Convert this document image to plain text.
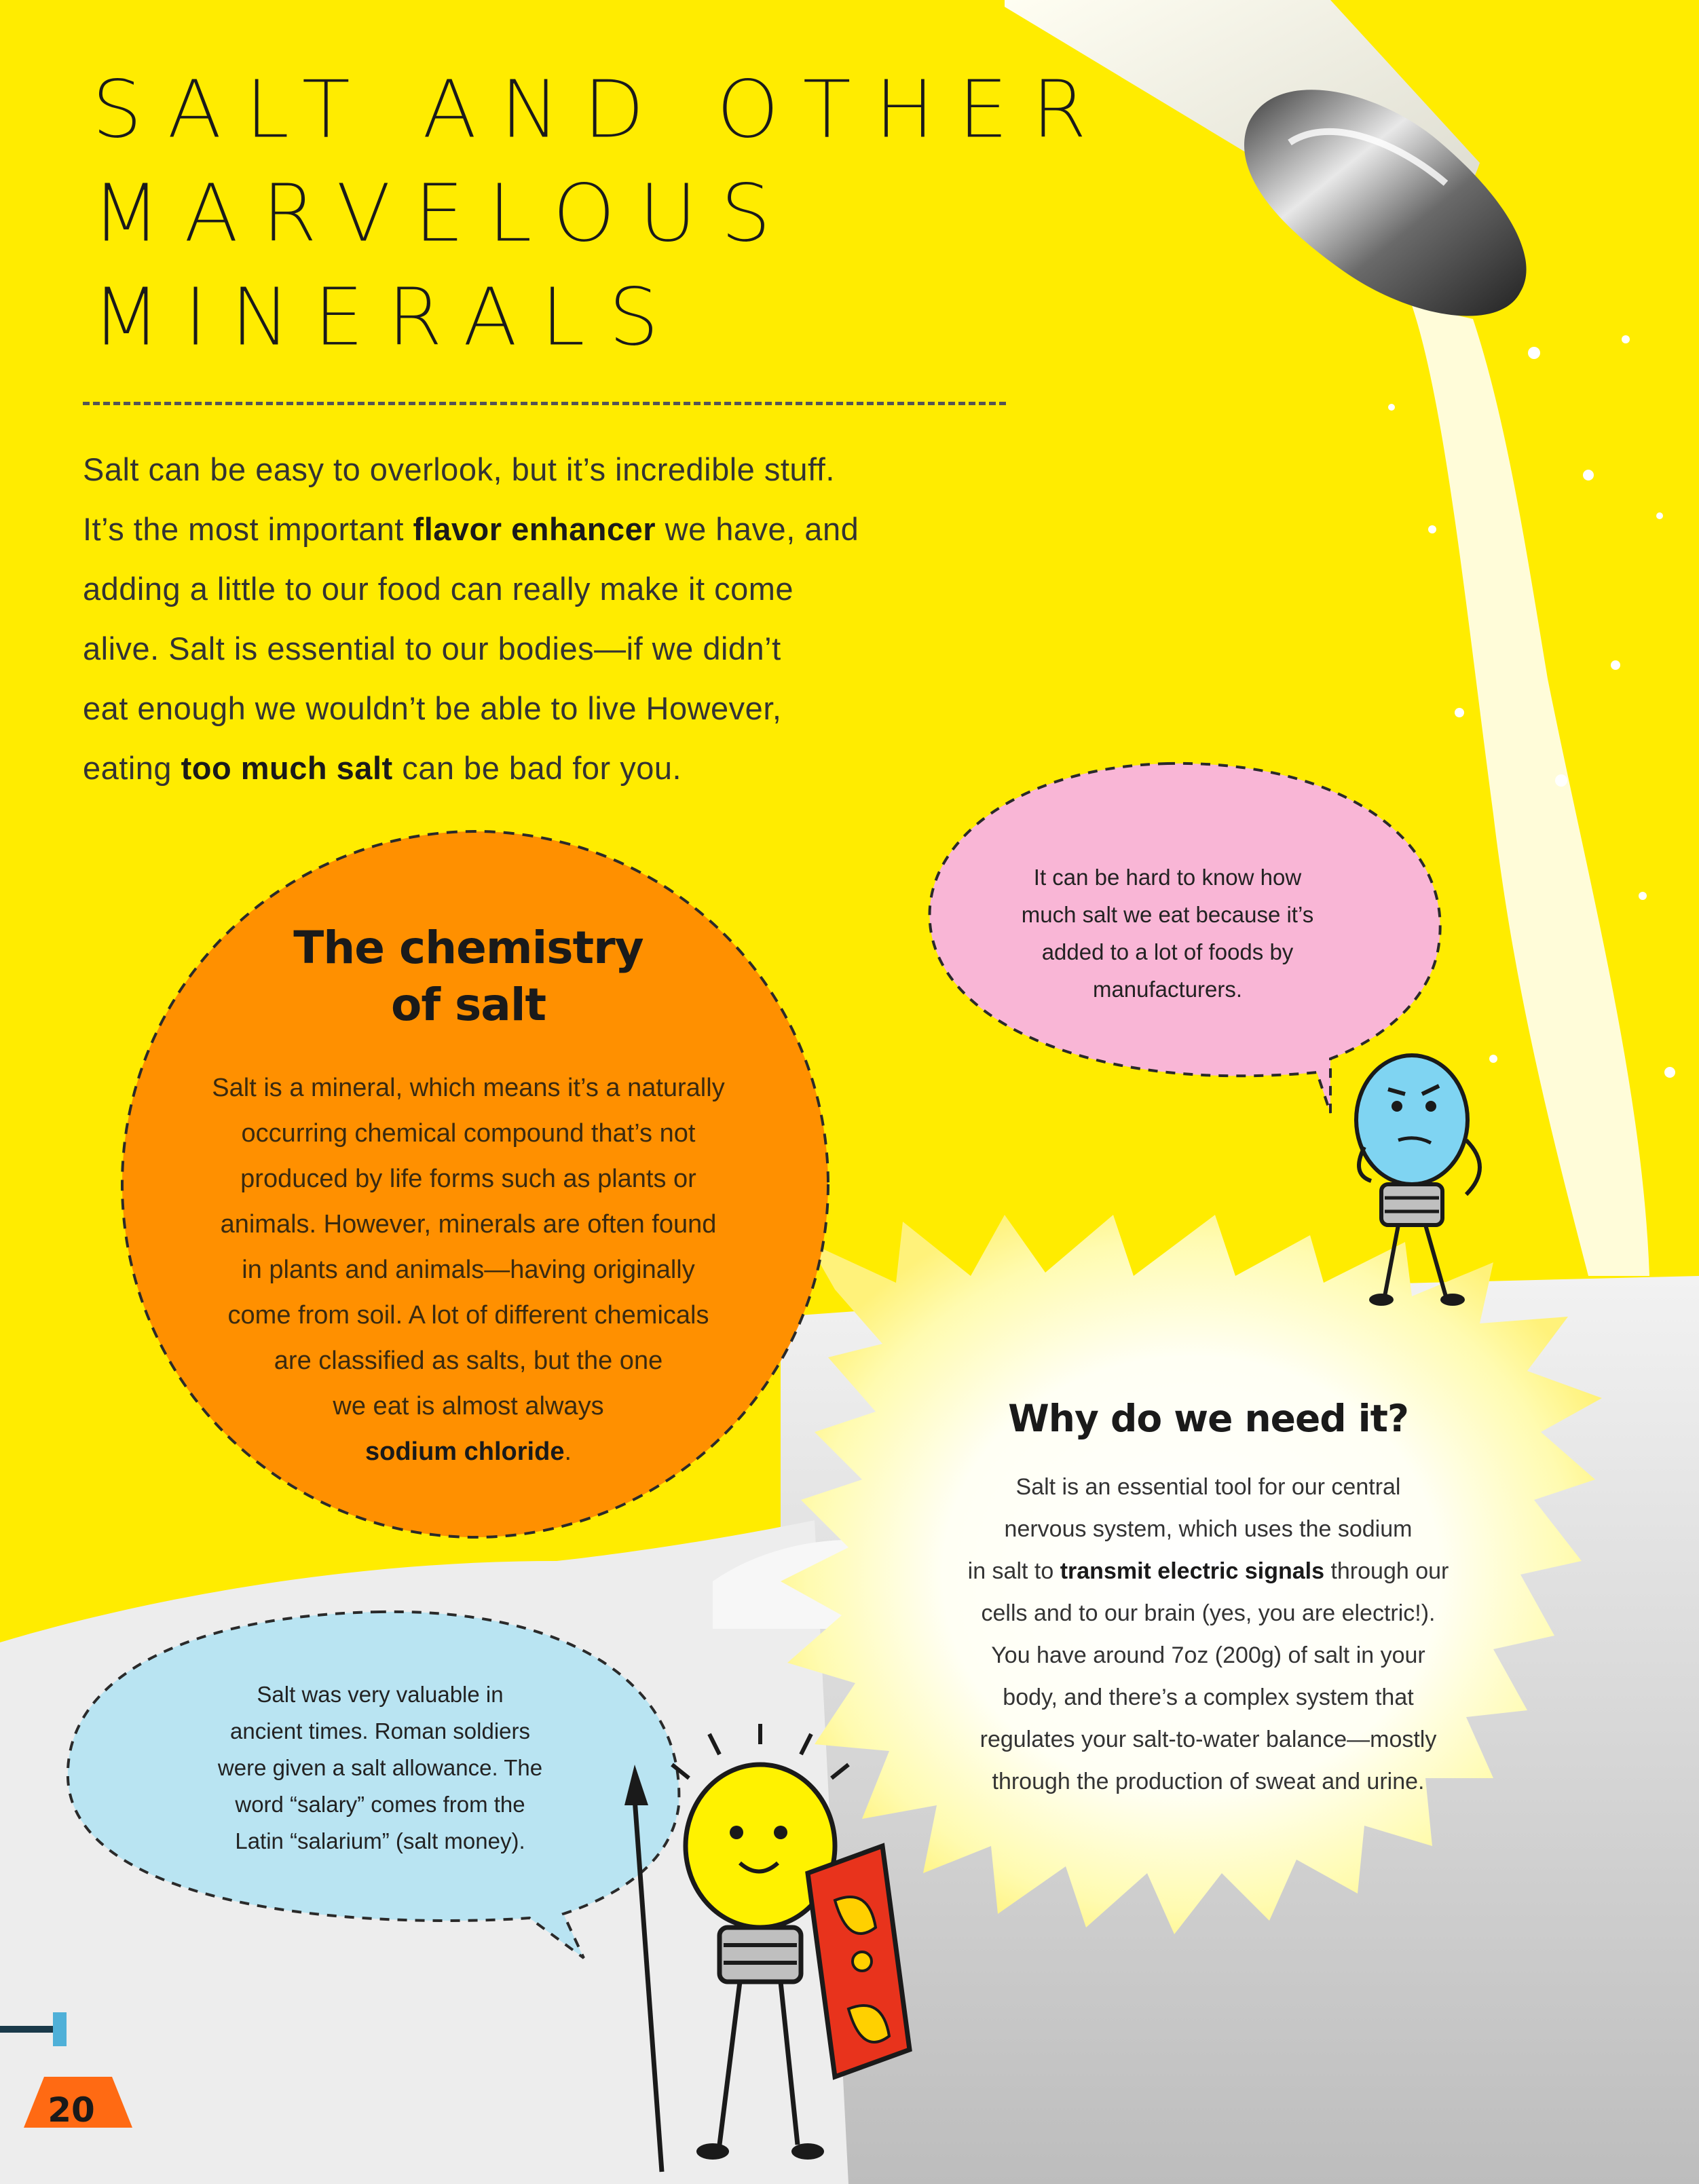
SALT AND OTHER
MARVELOUS
MINERALS

Salt can be easy to overlook, but it’s incredible stuff.

It’s the most important flavor enhancer we have, and

adding a little to our food can really make it come

alive. Salt is essential to our bodies—if we didn’t

eat enough we wouldn’t be able to live However,

eating too much salt can be bad for you.

The chemistry
of salt
Salt is a mineral, which means it’s a naturally
occurring chemical compound that’s not
produced by life forms such as plants or
animals. However, minerals are often found
in plants and animals—having originally
come from soil. A lot of different chemicals
are classified as salts, but the one
we eat is almost always
sodium chloride.
It can be hard to know how
much salt we eat because it’s
added to a lot of foods by
manufacturers.
Salt was very valuable in
ancient times. Roman soldiers
were given a salt allowance. The
word “salary” comes from the
Latin “salarium” (salt money).
Why do we need it?
Salt is an essential tool for our central
nervous system, which uses the sodium
in salt to transmit electric signals through our
cells and to our brain (yes, you are electric!).
You have around 7oz (200g) of salt in your
body, and there’s a complex system that
regulates your salt-to-water balance—mostly
through the production of sweat and urine.
20
